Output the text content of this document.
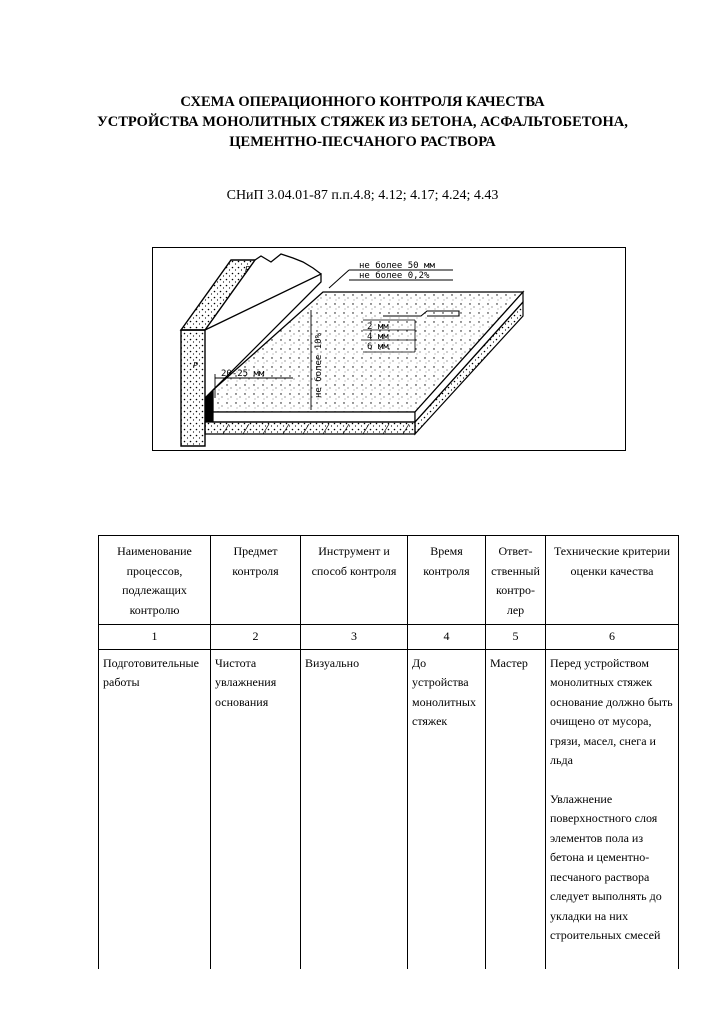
СХЕМА ОПЕРАЦИОННОГО КОНТРОЛЯ КАЧЕСТВА
УСТРОЙСТВА МОНОЛИТНЫХ СТЯЖЕК ИЗ БЕТОНА, АСФАЛЬТОБЕТОНА,
ЦЕМЕНТНО-ПЕСЧАНОГО РАСТВОРА
СНиП 3.04.01-87 п.п.4.8; 4.12; 4.17; 4.24; 4.43
P
P
не более 50 мм
не более 0,2%
2 мм
4 мм
6 мм
20-25 мм	не более 10%
Наименование процессов, подлежащих контролю	Предмет контроля	Инструмент и способ контроля	Время контроля	Ответ-ственный контро-лер	Технические критерии оценки качества
1	2	3	4	5	6
Подготовительные работы	Чистота увлажнения основания	Визуально	До устройства монолитных стяжек	Мастер	Перед устройством монолитных стяжек основание должно быть очищено от мусора, грязи, масел, снега и льда

Увлажнение поверхностного слоя элементов пола из бетона и цементно-песчаного раствора следует выполнять до укладки на них строительных смесей
